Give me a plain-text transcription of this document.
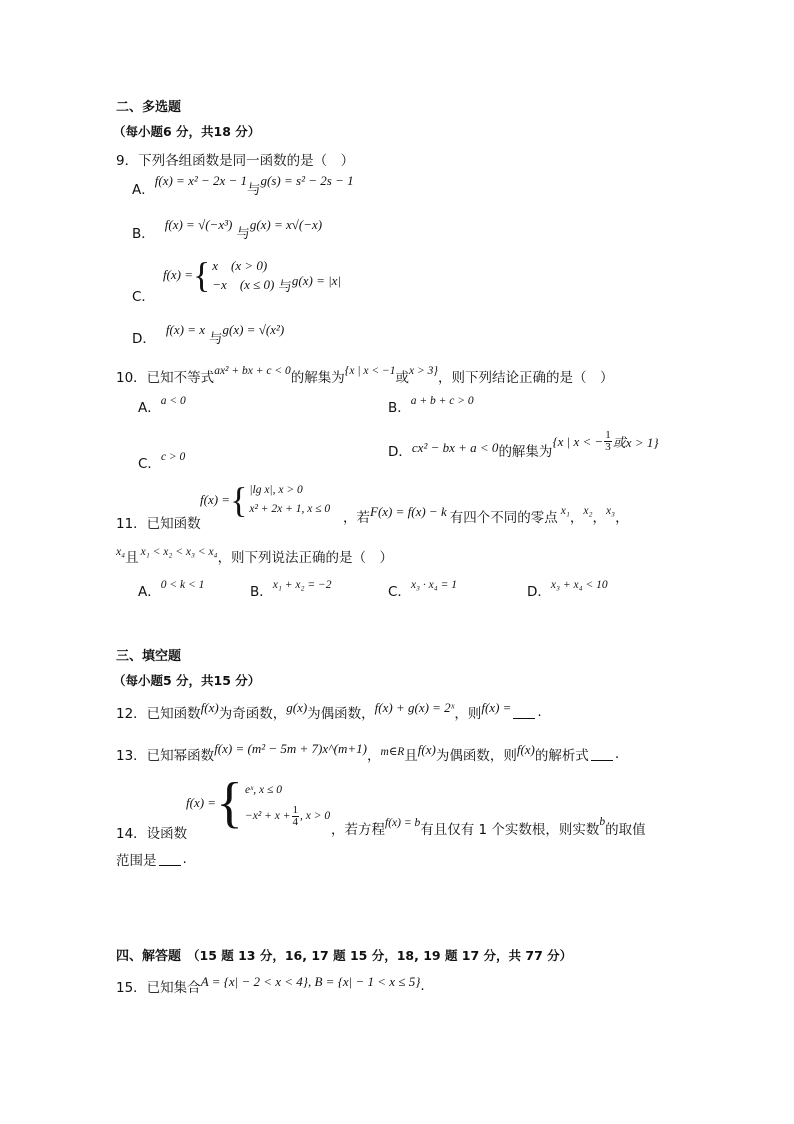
二、多选题
（每小题6 分，共18 分）
9．下列各组函数是同一函数的是（　）
A．
f(x) = x² − 2x − 1
与
g(s) = s² − 2s − 1
B．
f(x) = √(−x³)
与
g(x) = x√(−x)
C．
f(x) = { x　(x > 0)
−x　(x ≤ 0) 与 g(x) = |x|
D．
f(x) = x
与
g(x) = √(x²)
10．已知不等式 ax² + bx + c < 0 的解集为 {x | x < −1 或 x > 3} ，则下列结论正确的是（　）
A． a < 0	B． a + b + c > 0
C． c > 0	D． cx² − bx + a < 0 的解集为
{x | x < − $\frac{1}{3}$ 或x > 1}
f(x) = { |lg x|, x > 0
x² + 2x + 1, x ≤ 0
11．已知函数	，若 F(x) = f(x) − k 有四个不同的零点 x₁ ， x₂ ， x₃ ，
x₄ 且 x₁ < x₂ < x₃ < x₄ ，则下列说法正确的是（　）
A． 0 < k < 1	B． x₁ + x₂ = −2	C． x₃ · x₄ = 1	D． x₃ + x₄ < 10
三、填空题
（每小题5 分，共15 分）
12．已知函数 f(x) 为奇函数， g(x) 为偶函数， f(x) + g(x) = 2ˣ ，则 f(x) = .
13．已知幂函数 f(x) = (m² − 5m + 7)x^(m+1) ， m∈R 且 f(x) 为偶函数，则 f(x) 的解析式 .
f(x) = { eˣ, x ≤ 0
$-x^2 + x + \frac{1}{4}$ , x > 0
14．设函数	，若方程 f(x) = b 有且仅有 1 个实数根，则实数 b 的取值
范围是 .
四、解答题 （15 题 13 分，16, 17 题 15 分，18, 19 题 17 分，共 77 分）
15．已知集合 A = {x| − 2 < x < 4}, B = {x| − 1 < x ≤ 5} .
